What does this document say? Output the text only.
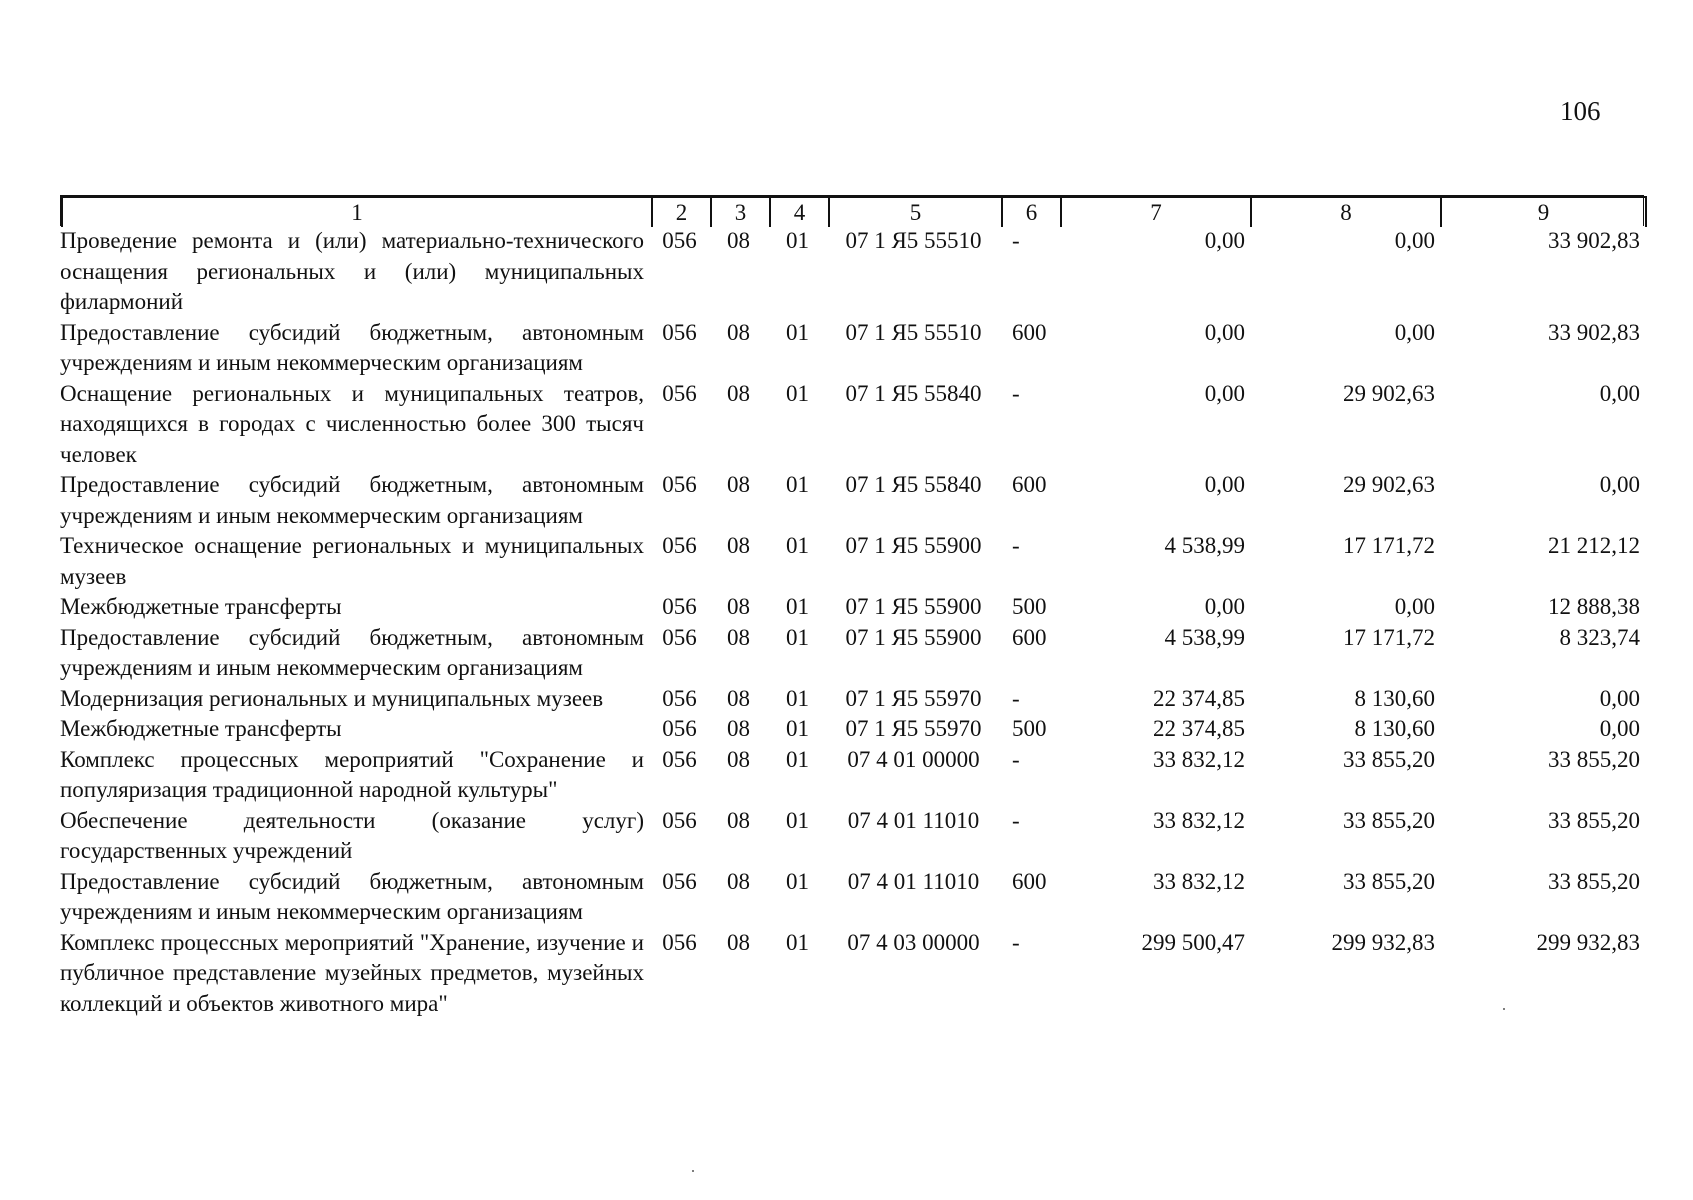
106
1	2	3	4	5	6	7	8	9
Проведение ремонта и (или) материально-технического оснащения региональных и (или) муниципальных филармоний	056	08	01	07 1 Я5 55510	-	0,00	0,00	33 902,83
Предоставление субсидий бюджетным, автономным учреждениям и иным некоммерческим организациям	056	08	01	07 1 Я5 55510	600	0,00	0,00	33 902,83
Оснащение региональных и муниципальных театров, находящихся в городах с численностью более 300 тысяч человек	056	08	01	07 1 Я5 55840	-	0,00	29 902,63	0,00
Предоставление субсидий бюджетным, автономным учреждениям и иным некоммерческим организациям	056	08	01	07 1 Я5 55840	600	0,00	29 902,63	0,00
Техническое оснащение региональных и муниципальных музеев	056	08	01	07 1 Я5 55900	-	4 538,99	17 171,72	21 212,12
Межбюджетные трансферты	056	08	01	07 1 Я5 55900	500	0,00	0,00	12 888,38
Предоставление субсидий бюджетным, автономным учреждениям и иным некоммерческим организациям	056	08	01	07 1 Я5 55900	600	4 538,99	17 171,72	8 323,74
Модернизация региональных и муниципальных музеев	056	08	01	07 1 Я5 55970	-	22 374,85	8 130,60	0,00
Межбюджетные трансферты	056	08	01	07 1 Я5 55970	500	22 374,85	8 130,60	0,00
Комплекс процессных мероприятий "Сохранение и популяризация традиционной народной культуры"	056	08	01	07 4 01 00000	-	33 832,12	33 855,20	33 855,20
Обеспечение деятельности (оказание услуг) государственных учреждений	056	08	01	07 4 01 11010	-	33 832,12	33 855,20	33 855,20
Предоставление субсидий бюджетным, автономным учреждениям и иным некоммерческим организациям	056	08	01	07 4 01 11010	600	33 832,12	33 855,20	33 855,20
Комплекс процессных мероприятий "Хранение, изучение и публичное представление музейных предметов, музейных коллекций и объектов животного мира"	056	08	01	07 4 03 00000	-	299 500,47	299 932,83	299 932,83
